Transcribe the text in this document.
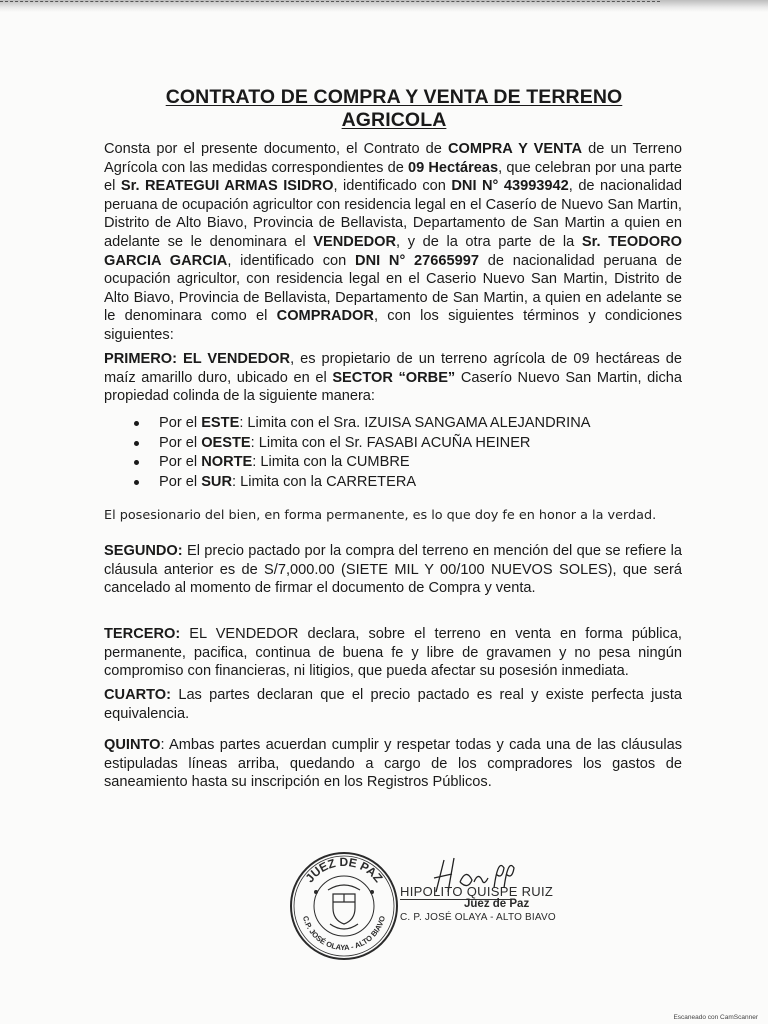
CONTRATO DE COMPRA Y VENTA DE TERRENO
AGRICOLA

Consta por el presente documento, el Contrato de COMPRA Y VENTA de un Terreno Agrícola con las medidas correspondientes de 09 Hectáreas, que celebran por una parte el Sr. REATEGUI ARMAS ISIDRO, identificado con DNI N° 43993942, de nacionalidad peruana de ocupación agricultor con residencia legal en el Caserío de Nuevo San Martin, Distrito de Alto Biavo, Provincia de Bellavista, Departamento de San Martin a quien en adelante se le denominara el VENDEDOR, y de la otra parte de la Sr. TEODORO GARCIA GARCIA, identificado con DNI N° 27665997 de nacionalidad peruana de ocupación agricultor, con residencia legal en el Caserio Nuevo San Martin, Distrito de Alto Biavo, Provincia de Bellavista, Departamento de San Martin, a quien en adelante se le denominara como el COMPRADOR, con los siguientes términos y condiciones siguientes:

PRIMERO: EL VENDEDOR, es propietario de un terreno agrícola de 09 hectáreas de maíz amarillo duro, ubicado en el SECTOR “ORBE” Caserío Nuevo San Martin, dicha propiedad colinda de la siguiente manera:

Por el ESTE: Limita con el Sra. IZUISA SANGAMA ALEJANDRINA
Por el OESTE: Limita con el Sr. FASABI ACUÑA HEINER
Por el NORTE: Limita con la CUMBRE
Por el SUR: Limita con la CARRETERA
El posesionario del bien, en forma permanente, es lo que doy fe en honor a la verdad.

SEGUNDO: El precio pactado por la compra del terreno en mención del que se refiere la cláusula anterior es de S/7,000.00 (SIETE MIL Y 00/100 NUEVOS SOLES), que será cancelado al momento de firmar el documento de Compra y venta.

TERCERO: EL VENDEDOR declara, sobre el terreno en venta en forma pública, permanente, pacifica, continua de buena fe y libre de gravamen y no pesa ningún compromiso con financieras, ni litigios, que pueda afectar su posesión inmediata.

CUARTO: Las partes declaran que el precio pactado es real y existe perfecta justa equivalencia.

QUINTO: Ambas partes acuerdan cumplir y respetar todas y cada una de las cláusulas estipuladas líneas arriba, quedando a cargo de los compradores los gastos de saneamiento hasta su inscripción en los Registros Públicos.

JUEZ DE PAZ
C.P. JOSÉ OLAYA - ALTO BIAVO
HIPOLITO QUISPE RUIZ
Juez de Paz
C. P. JOSÉ OLAYA - ALTO BIAVO
Escaneado con CamScanner
